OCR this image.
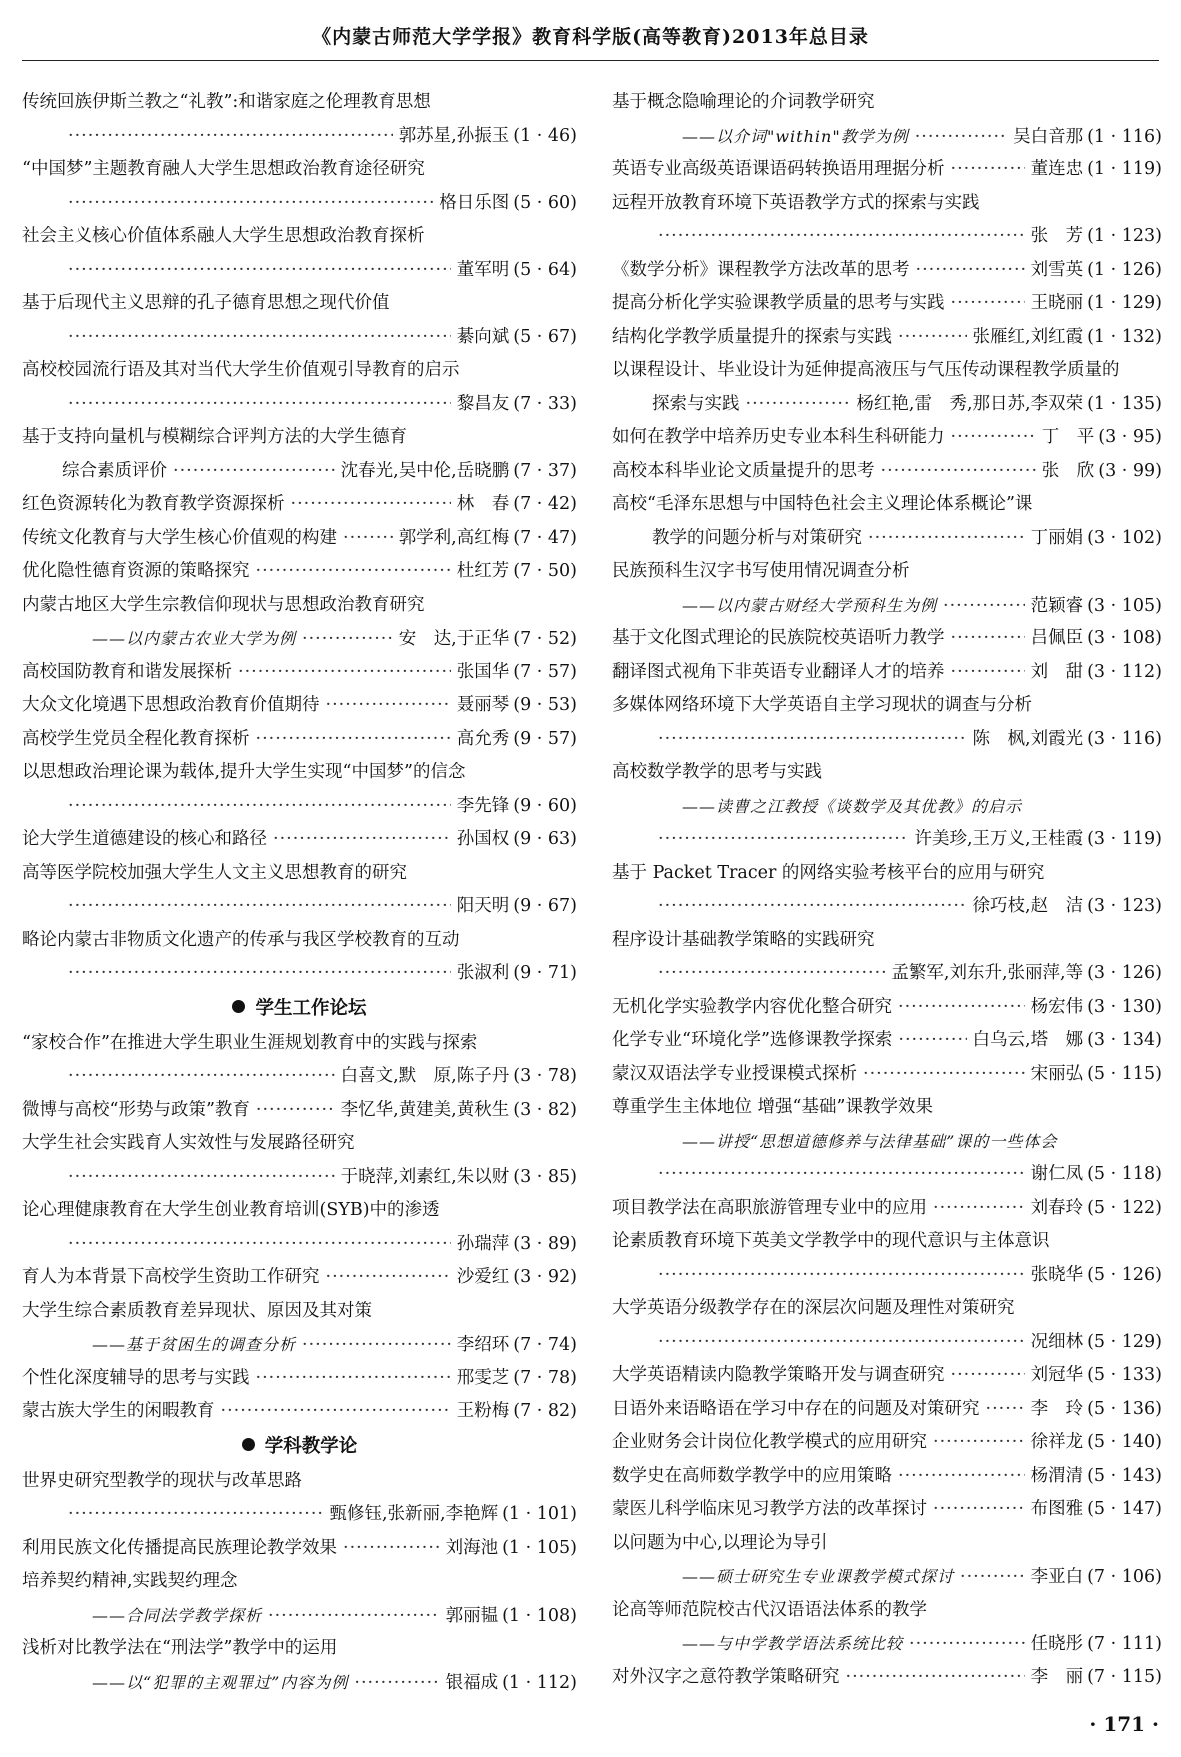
《内蒙古师范大学学报》教育科学版(高等教育)2013年总目录
传统回族伊斯兰教之“礼教”:和谐家庭之伦理教育思想
·····
郭苏星,孙振玉 (1 · 46)
“中国梦”主题教育融人大学生思想政治教育途径研究
·····
格日乐图 (5 · 60)
社会主义核心价值体系融人大学生思想政治教育探析
·····
董军明 (5 · 64)
基于后现代主义思辩的孔子德育思想之现代价值
·····
綦向斌 (5 · 67)
高校校园流行语及其对当代大学生价值观引导教育的启示
·····
黎昌友 (7 · 33)
基于支持向量机与模糊综合评判方法的大学生德育
综合素质评价 ·····	沈春光,吴中伦,岳晓鹏 (7 · 37)
红色资源转化为教育教学资源探析 ·····	林　春 (7 · 42)
传统文化教育与大学生核心价值观的构建 ·····	郭学利,高红梅 (7 · 47)
优化隐性德育资源的策略探究 ·····	杜红芳 (7 · 50)
内蒙古地区大学生宗教信仰现状与思想政治教育研究
——以内蒙古农业大学为例 ·····	安　达,于正华 (7 · 52)
高校国防教育和谐发展探析 ·····	张国华 (7 · 57)
大众文化境遇下思想政治教育价值期待 ·····	聂丽琴 (9 · 53)
高校学生党员全程化教育探析 ·····	高允秀 (9 · 57)
以思想政治理论课为载体,提升大学生实现“中国梦”的信念
·····
李先锋 (9 · 60)
论大学生道德建设的核心和路径 ·····	孙国权 (9 · 63)
高等医学院校加强大学生人文主义思想教育的研究
·····
阳天明 (9 · 67)
略论内蒙古非物质文化遗产的传承与我区学校教育的互动
·····
张淑利 (9 · 71)
学生工作论坛
“家校合作”在推进大学生职业生涯规划教育中的实践与探索
·····
白喜文,默　原,陈子丹 (3 · 78)
微博与高校“形势与政策”教育 ·····	李忆华,黄建美,黄秋生 (3 · 82)
大学生社会实践育人实效性与发展路径研究
·····
于晓萍,刘素红,朱以财 (3 · 85)
论心理健康教育在大学生创业教育培训(SYB)中的渗透
·····
孙瑞萍 (3 · 89)
育人为本背景下高校学生资助工作研究 ·····	沙爱红 (3 · 92)
大学生综合素质教育差异现状、原因及其对策
——基于贫困生的调查分析 ·····	李绍环 (7 · 74)
个性化深度辅导的思考与实践 ·····	邢雯芝 (7 · 78)
蒙古族大学生的闲暇教育 ·····	王粉梅 (7 · 82)
学科教学论
世界史研究型教学的现状与改革思路
·····
甄修钰,张新丽,李艳辉 (1 · 101)
利用民族文化传播提高民族理论教学效果 ·····	刘海池 (1 · 105)
培养契约精神,实践契约理念
——合同法学教学探析 ·····	郭丽韫 (1 · 108)
浅析对比教学法在“刑法学”教学中的运用
——以“犯罪的主观罪过”内容为例 ·····	银福成 (1 · 112)
基于概念隐喻理论的介词教学研究
——以介词"within"教学为例 ·····	吴白音那 (1 · 116)
英语专业高级英语课语码转换语用理据分析 ·····	董连忠 (1 · 119)
远程开放教育环境下英语教学方式的探索与实践
·····
张　芳 (1 · 123)
《数学分析》课程教学方法改革的思考 ·····	刘雪英 (1 · 126)
提高分析化学实验课教学质量的思考与实践 ·····	王晓丽 (1 · 129)
结构化学教学质量提升的探索与实践 ·····	张雁红,刘红霞 (1 · 132)
以课程设计、毕业设计为延伸提高液压与气压传动课程教学质量的
探索与实践 ·····	杨红艳,雷　秀,那日苏,李双荣 (1 · 135)
如何在教学中培养历史专业本科生科研能力 ·····	丁　平 (3 · 95)
高校本科毕业论文质量提升的思考 ·····	张　欣 (3 · 99)
高校“毛泽东思想与中国特色社会主义理论体系概论”课
教学的问题分析与对策研究 ·····	丁丽娟 (3 · 102)
民族预科生汉字书写使用情况调查分析
——以内蒙古财经大学预科生为例 ·····	范颖睿 (3 · 105)
基于文化图式理论的民族院校英语听力教学 ·····	吕佩臣 (3 · 108)
翻译图式视角下非英语专业翻译人才的培养 ·····	刘　甜 (3 · 112)
多媒体网络环境下大学英语自主学习现状的调查与分析
·····
陈　枫,刘霞光 (3 · 116)
高校数学教学的思考与实践
——读曹之江教授《谈数学及其优教》的启示
·····
许美珍,王万义,王桂霞 (3 · 119)
基于 Packet Tracer 的网络实验考核平台的应用与研究
·····
徐巧枝,赵　洁 (3 · 123)
程序设计基础教学策略的实践研究
·····
孟繁军,刘东升,张丽萍,等 (3 · 126)
无机化学实验教学内容优化整合研究 ·····	杨宏伟 (3 · 130)
化学专业“环境化学”选修课教学探索 ·····	白乌云,塔　娜 (3 · 134)
蒙汉双语法学专业授课模式探析 ·····	宋丽弘 (5 · 115)
尊重学生主体地位 增强“基础”课教学效果
——讲授“思想道德修养与法律基础”课的一些体会
·····
谢仁凤 (5 · 118)
项目教学法在高职旅游管理专业中的应用 ·····	刘春玲 (5 · 122)
论素质教育环境下英美文学教学中的现代意识与主体意识
·····
张晓华 (5 · 126)
大学英语分级教学存在的深层次问题及理性对策研究
·····
况细林 (5 · 129)
大学英语精读内隐教学策略开发与调查研究 ·····	刘冠华 (5 · 133)
日语外来语略语在学习中存在的问题及对策研究 ·····	李　玲 (5 · 136)
企业财务会计岗位化教学模式的应用研究 ·····	徐祥龙 (5 · 140)
数学史在高师数学教学中的应用策略 ·····	杨渭清 (5 · 143)
蒙医儿科学临床见习教学方法的改革探讨 ·····	布图雅 (5 · 147)
以问题为中心,以理论为导引
——硕士研究生专业课教学模式探讨 ·····	李亚白 (7 · 106)
论高等师范院校古代汉语语法体系的教学
——与中学教学语法系统比较 ·····	任晓彤 (7 · 111)
对外汉字之意符教学策略研究 ·····	李　丽 (7 · 115)
· 171 ·
